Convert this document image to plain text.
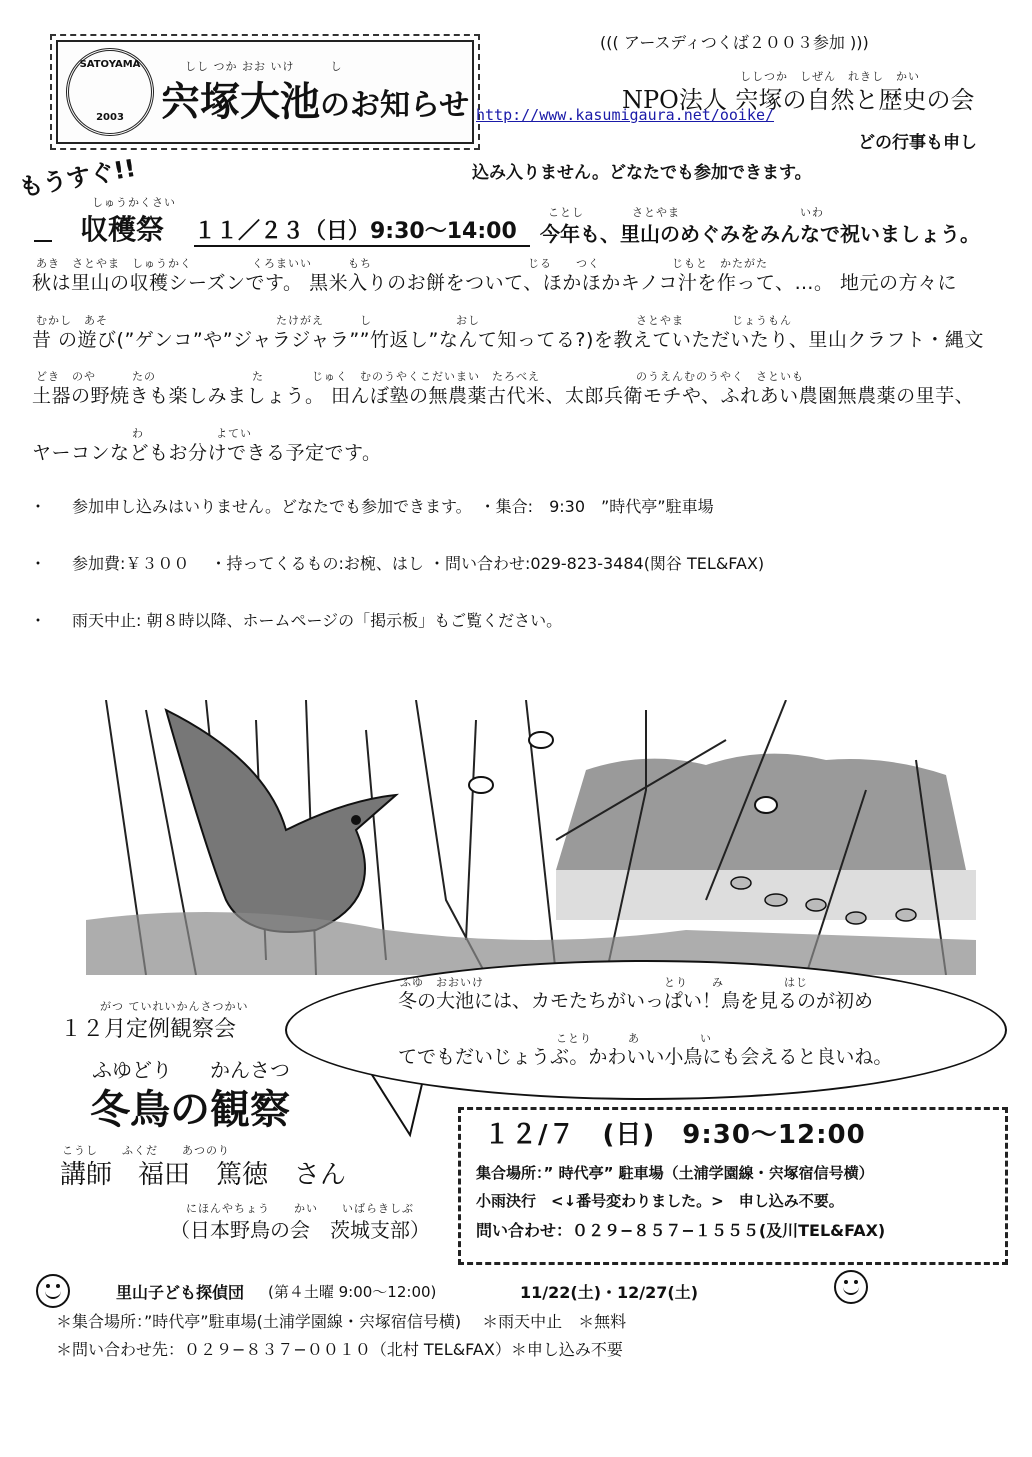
((( アースディつくば２００３参加 )))
SATOYAMA
2003
しし つか おお いけ　　　し
宍塚大池のお知らせ
ししつか　しぜん　れきし　かい
NPO法人 宍塚の自然と歴史の会
http://www.kasumigaura.net/ooike/
どの行事も申し
込み入りません。どなたでも参加できます。
もうすぐ!!
しゅうかくさい
収穫祭 １１／２３（日）9:30〜14:00
ことし　　　　さとやま　　　　　　　　　　いわ
今年も、里山のめぐみをみんなで祝いましょう。
あき　さとやま　しゅうかく　　　　　くろまいい　　　もち　　　　　　　　　　　　　じる　　つく　　　　　　じもと　かたがた
秋は里山の収穫シーズンです。 黒米入りのお餅をついて、ほかほかキノコ汁を作って、…。 地元の方々に
むかし　あそ　　　　　　　　　　　　　　たけがえ　　　し　　　　　　　おし　　　　　　　　　　　　　さとやま　　　　じょうもん
昔 の遊び(”ゲンコ”や”ジャラジャラ””竹返し”なんて知ってる?)を教えていただいたり、里山クラフト・縄文
どき　のや　　　たの　　　　　　　　た　　　　じゅく　むのうやくこだいまい　たろべえ　　　　　　　　のうえんむのうやく　さといも
土器の野焼きも楽しみましょう。 田んぼ塾の無農薬古代米、太郎兵衛モチや、ふれあい農園無農薬の里芋、
　　　　　　　　わ　　　　　　よてい
ヤーコンなどもお分けできる予定です。
・ 参加申し込みはいりません。どなたでも参加できます。　・集合:　9:30　”時代亭”駐車場
・ 参加費:￥３００　 ・持ってくるもの:お椀、はし ・問い合わせ:029-823-3484(関谷 TEL&FAX)
・ 雨天中止: 朝８時以降、ホームページの「掲示板」もご覧ください。
ふゆ　おおいけ　　　　　　　　　　　　　　　とり　　み　　　　　はじ
冬の大池には、カモたちがいっぱい！鳥を見るのが初め
　　　　　　　　　　　　　ことり　　　あ　　　　　い
てでもだいじょうぶ。かわいい小鳥にも会えると良いね。
がつ ていれいかんさつかい
１２月定例観察会
ふゆどり かんさつ
冬鳥の観察
こうし　　ふくだ　　あつのり
講師　福田　篤徳　さん
にほんやちょう　　かい　　いばらきしぶ
（日本野鳥の会　茨城支部）
１２/７　(日)　9:30〜12:00
集合場所：” 時代亭” 駐車場（土浦学園線・宍塚宿信号横）
小雨決行　<↓番号変わりました。>　申し込み不要。
問い合わせ：０２９−８５７−１５５５(及川TEL&FAX)
里山子ども探偵団 (第４土曜 9:00〜12:00)	11/22(土)・12/27(土)
＊集合場所：”時代亭”駐車場(土浦学園線・宍塚宿信号横)　 ＊雨天中止　＊無料
＊問い合わせ先：０２９−８３７−００１０（北村 TEL&FAX）＊申し込み不要
